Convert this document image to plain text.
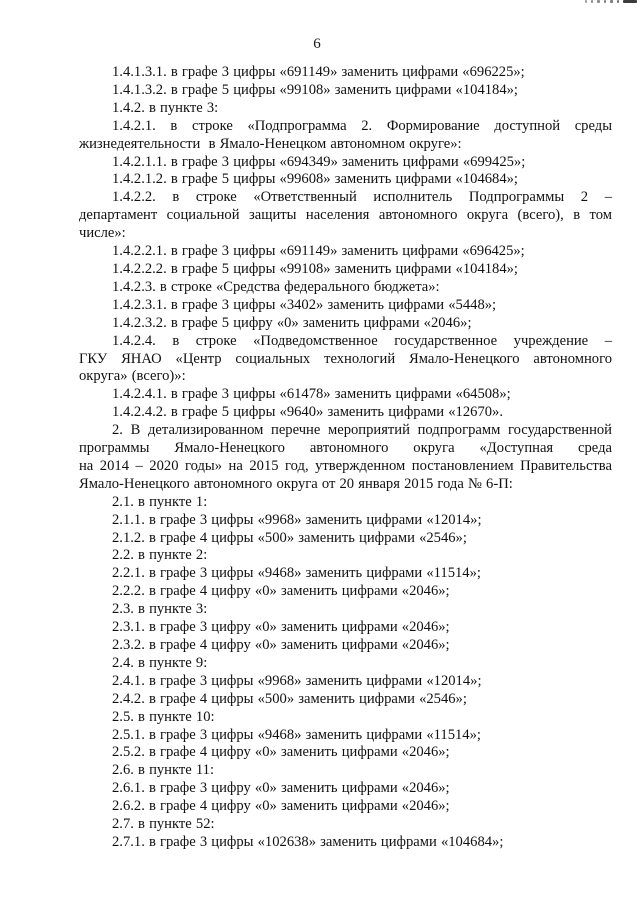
6
1.4.1.3.1. в графе 3 цифры «691149» заменить цифрами «696225»;
1.4.1.3.2. в графе 5 цифры «99108» заменить цифрами «104184»;
1.4.2. в пункте 3:
1.4.2.1. в строке «Подпрограмма 2. Формирование доступной среды
жизнедеятельности  в Ямало-Ненецком автономном округе»:
1.4.2.1.1. в графе 3 цифры «694349» заменить цифрами «699425»;
1.4.2.1.2. в графе 5 цифры «99608» заменить цифрами «104684»;
1.4.2.2. в строке «Ответственный исполнитель Подпрограммы 2 –
департамент социальной защиты населения автономного округа (всего), в том
числе»:
1.4.2.2.1. в графе 3 цифры «691149» заменить цифрами «696425»;
1.4.2.2.2. в графе 5 цифры «99108» заменить цифрами «104184»;
1.4.2.3. в строке «Средства федерального бюджета»:
1.4.2.3.1. в графе 3 цифры «3402» заменить цифрами «5448»;
1.4.2.3.2. в графе 5 цифру «0» заменить цифрами «2046»;
1.4.2.4. в строке «Подведомственное государственное учреждение –
ГКУ ЯНАО «Центр социальных технологий Ямало-Ненецкого автономного
округа» (всего)»:
1.4.2.4.1. в графе 3 цифры «61478» заменить цифрами «64508»;
1.4.2.4.2. в графе 5 цифры «9640» заменить цифрами «12670».
2. В детализированном перечне мероприятий подпрограмм государственной
программы Ямало-Ненецкого автономного округа «Доступная среда
на 2014 – 2020 годы» на 2015 год, утвержденном постановлением Правительства
Ямало-Ненецкого автономного округа от 20 января 2015 года № 6-П:
2.1. в пункте 1:
2.1.1. в графе 3 цифры «9968» заменить цифрами «12014»;
2.1.2. в графе 4 цифры «500» заменить цифрами «2546»;
2.2. в пункте 2:
2.2.1. в графе 3 цифры «9468» заменить цифрами «11514»;
2.2.2. в графе 4 цифру «0» заменить цифрами «2046»;
2.3. в пункте 3:
2.3.1. в графе 3 цифру «0» заменить цифрами «2046»;
2.3.2. в графе 4 цифру «0» заменить цифрами «2046»;
2.4. в пункте 9:
2.4.1. в графе 3 цифры «9968» заменить цифрами «12014»;
2.4.2. в графе 4 цифры «500» заменить цифрами «2546»;
2.5. в пункте 10:
2.5.1. в графе 3 цифры «9468» заменить цифрами «11514»;
2.5.2. в графе 4 цифру «0» заменить цифрами «2046»;
2.6. в пункте 11:
2.6.1. в графе 3 цифру «0» заменить цифрами «2046»;
2.6.2. в графе 4 цифру «0» заменить цифрами «2046»;
2.7. в пункте 52:
2.7.1. в графе 3 цифры «102638» заменить цифрами «104684»;
